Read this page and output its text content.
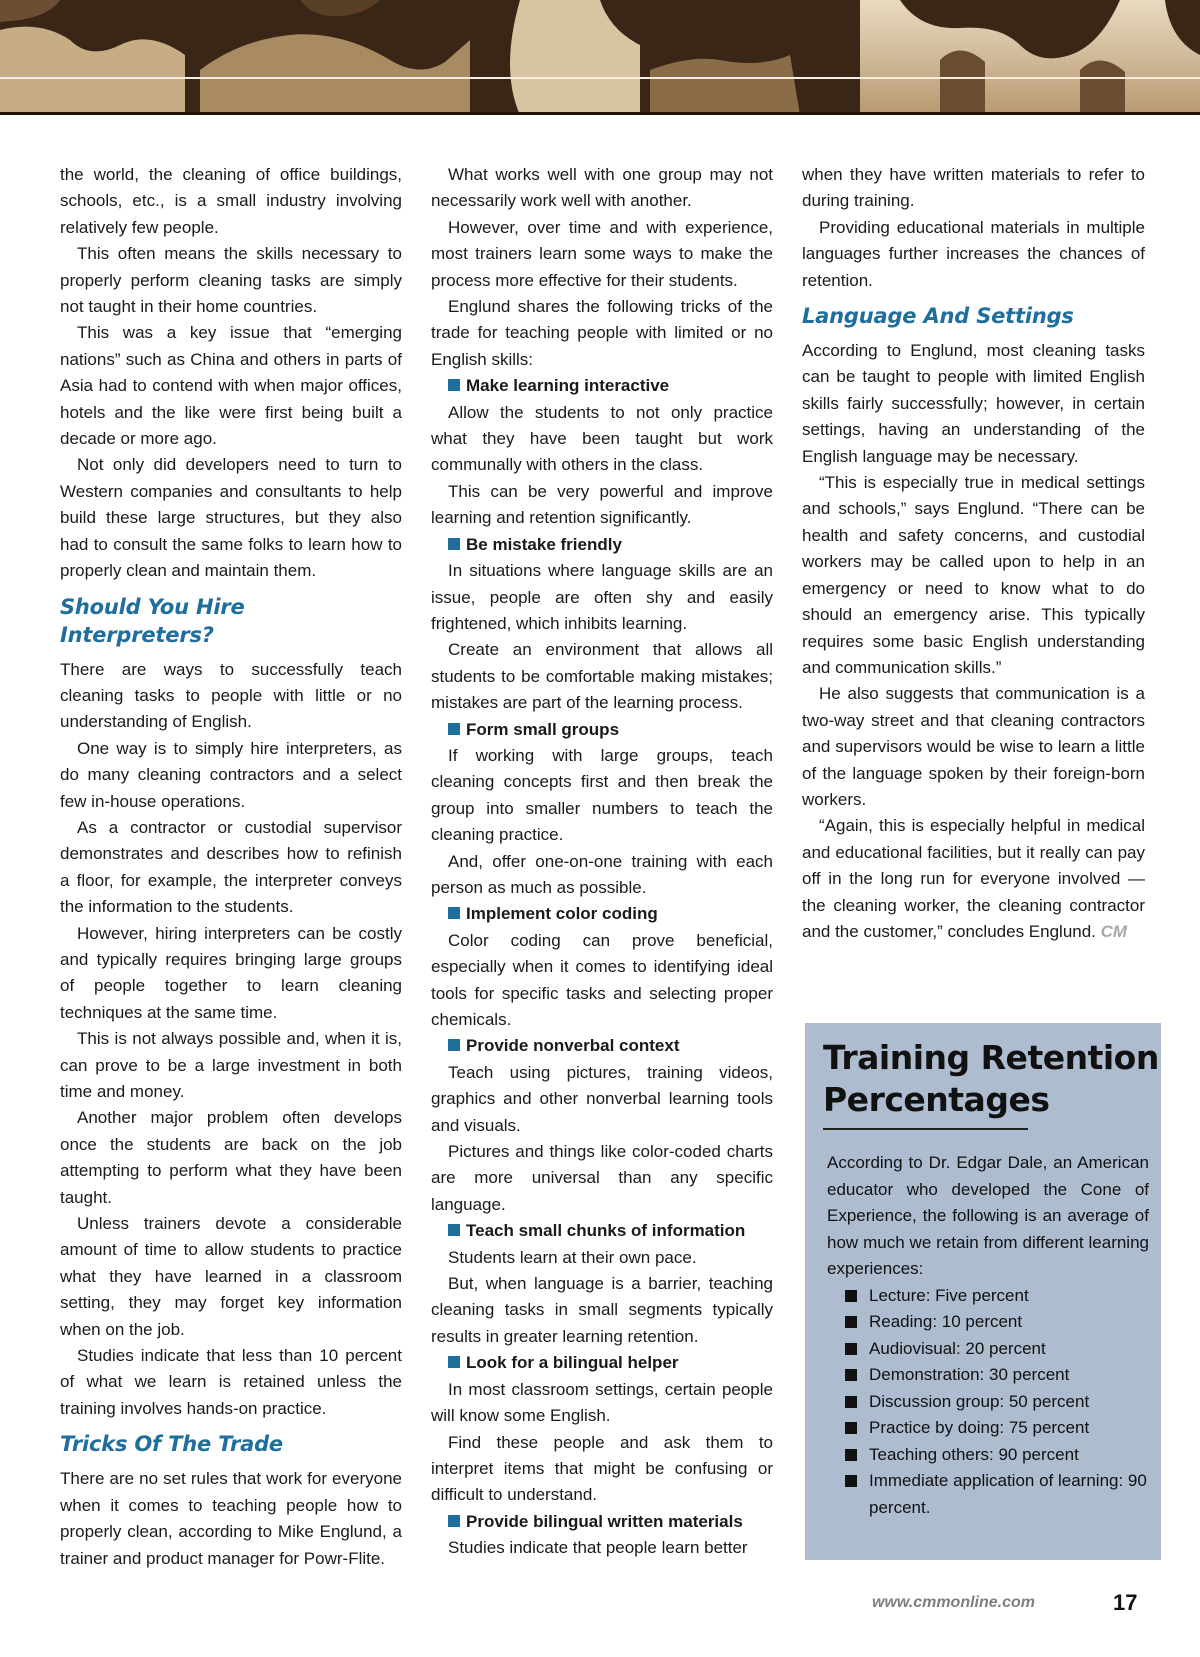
the world, the cleaning of office buildings, schools, etc., is a small industry involving relatively few people.

This often means the skills necessary to properly perform cleaning tasks are simply not taught in their home countries.

This was a key issue that “emerging nations” such as China and others in parts of Asia had to contend with when major offices, hotels and the like were first being built a decade or more ago.

Not only did developers need to turn to Western companies and consultants to help build these large structures, but they also had to consult the same folks to learn how to properly clean and maintain them.

Should You Hire Interpreters?

There are ways to successfully teach cleaning tasks to people with little or no understanding of English.

One way is to simply hire interpreters, as do many cleaning contractors and a select few in-house operations.

As a contractor or custodial supervisor demonstrates and describes how to refinish a floor, for example, the interpreter conveys the information to the students.

However, hiring interpreters can be costly and typically requires bringing large groups of people together to learn cleaning techniques at the same time.

This is not always possible and, when it is, can prove to be a large investment in both time and money.

Another major problem often develops once the students are back on the job attempting to perform what they have been taught.

Unless trainers devote a considerable amount of time to allow students to practice what they have learned in a classroom setting, they may forget key information when on the job.

Studies indicate that less than 10 percent of what we learn is retained unless the training involves hands-on practice.

Tricks Of The Trade

There are no set rules that work for everyone when it comes to teaching people how to properly clean, according to Mike Englund, a trainer and product manager for Powr-Flite.

What works well with one group may not necessarily work well with another.

However, over time and with experience, most trainers learn some ways to make the process more effective for their students.

Englund shares the following tricks of the trade for teaching people with limited or no English skills:

Make learning interactive

Allow the students to not only practice what they have been taught but work communally with others in the class.

This can be very powerful and improve learning and retention significantly.

Be mistake friendly

In situations where language skills are an issue, people are often shy and easily frightened, which inhibits learning.

Create an environment that allows all students to be comfortable making mistakes; mistakes are part of the learning process.

Form small groups

If working with large groups, teach cleaning concepts first and then break the group into smaller numbers to teach the cleaning practice.

And, offer one-on-one training with each person as much as possible.

Implement color coding

Color coding can prove beneficial, especially when it comes to identifying ideal tools for specific tasks and selecting proper chemicals.

Provide nonverbal context

Teach using pictures, training videos, graphics and other nonverbal learning tools and visuals.

Pictures and things like color-coded charts are more universal than any specific language.

Teach small chunks of information

Students learn at their own pace.

But, when language is a barrier, teaching cleaning tasks in small segments typically results in greater learning retention.

Look for a bilingual helper

In most classroom settings, certain people will know some English.

Find these people and ask them to interpret items that might be confusing or difficult to understand.

Provide bilingual written materials

Studies indicate that people learn better

when they have written materials to refer to during training.

Providing educational materials in multiple languages further increases the chances of retention.

Language And Settings

According to Englund, most cleaning tasks can be taught to people with limited English skills fairly successfully; however, in certain settings, having an understanding of the English language may be necessary.

“This is especially true in medical settings and schools,” says Englund. “There can be health and safety concerns, and custodial workers may be called upon to help in an emergency or need to know what to do should an emergency arise. This typically requires some basic English understanding and communication skills.”

He also suggests that communication is a two-way street and that cleaning contractors and supervisors would be wise to learn a little of the language spoken by their foreign-born workers.

“Again, this is especially helpful in medical and educational facilities, but it really can pay off in the long run for everyone involved — the cleaning worker, the cleaning contractor and the customer,” concludes Englund. CM

Training Retention Percentages
According to Dr. Edgar Dale, an American educator who developed the Cone of Experience, the following is an average of how much we retain from different learning experiences:
Lecture: Five percent
Reading: 10 percent
Audiovisual: 20 percent
Demonstration: 30 percent
Discussion group: 50 percent
Practice by doing: 75 percent
Teaching others: 90 percent
Immediate application of learning: 90 percent.
www.cmmonline.com	17
